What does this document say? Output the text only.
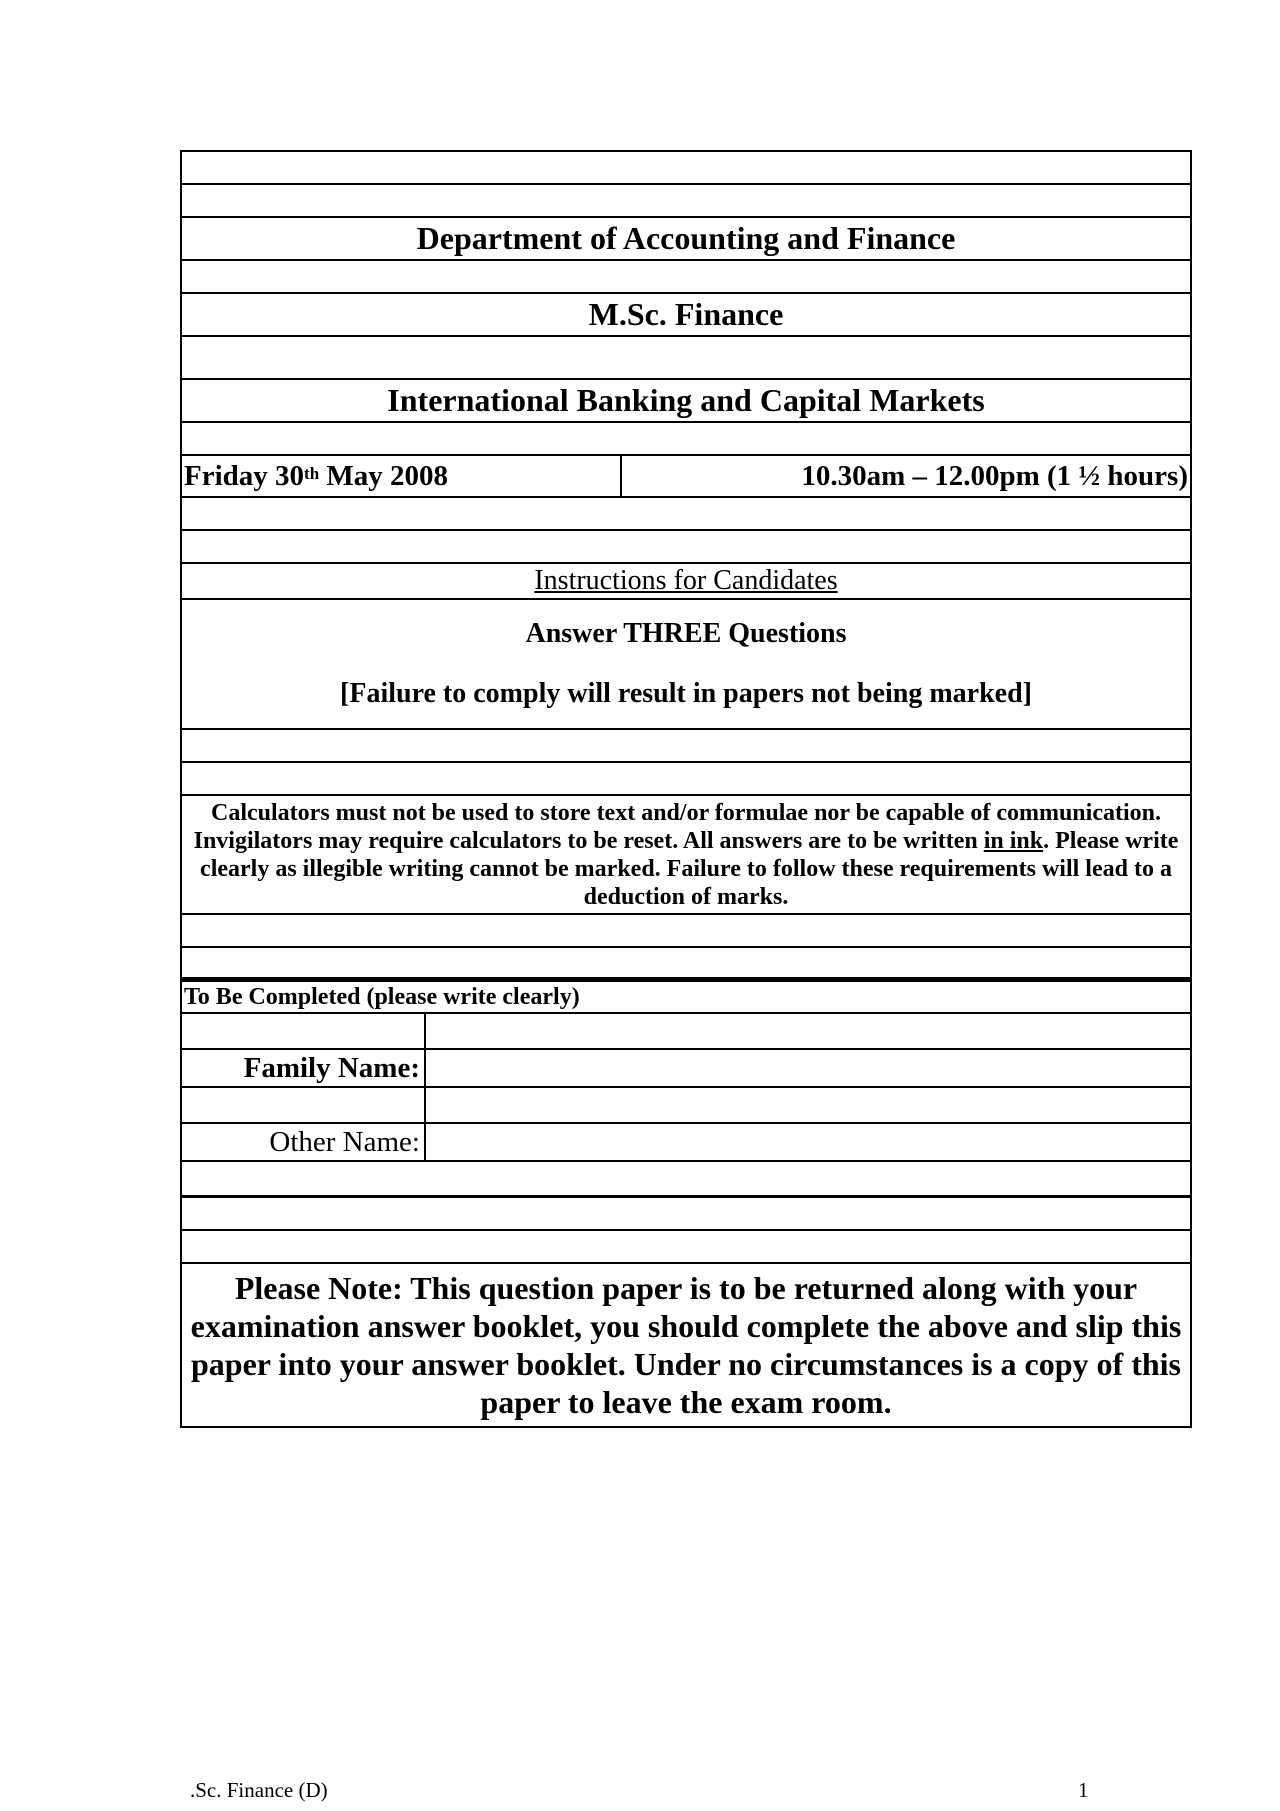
Department of Accounting and Finance
M.Sc. Finance
International Banking and Capital Markets
Friday 30th May 2008	10.30am – 12.00pm (1 ½ hours)
Instructions for Candidates
Answer THREE Questions
[Failure to comply will result in papers not being marked]
Calculators must not be used to store text and/or formulae nor be capable of communication. Invigilators may require calculators to be reset. All answers are to be written in ink. Please write clearly as illegible writing cannot be marked. Failure to follow these requirements will lead to a deduction of marks.
To Be Completed (please write clearly)
Family Name:
Other Name:
Please Note: This question paper is to be returned along with your examination answer booklet, you should complete the above and slip this paper into your answer booklet. Under no circumstances is a copy of this paper to leave the exam room.
.Sc. Finance (D)	1
